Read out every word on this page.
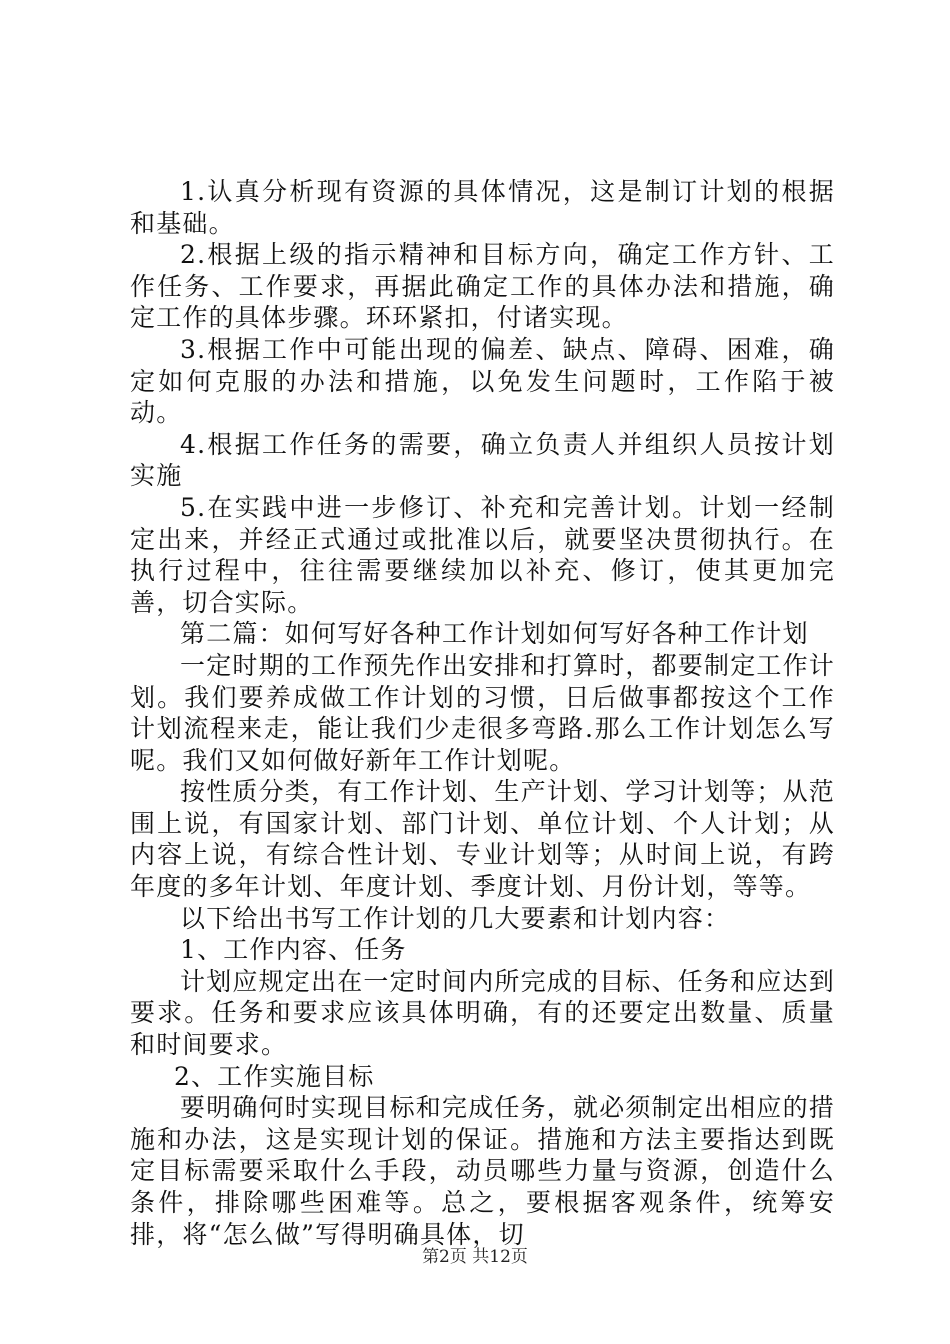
1.认真分析现有资源的具体情况，这是制订计划的根据和基础。

2.根据上级的指示精神和目标方向，确定工作方针、工作任务、工作要求，再据此确定工作的具体办法和措施，确定工作的具体步骤。环环紧扣，付诸实现。

3.根据工作中可能出现的偏差、缺点、障碍、困难，确定如何克服的办法和措施，以免发生问题时，工作陷于被动。

4.根据工作任务的需要，确立负责人并组织人员按计划实施

5.在实践中进一步修订、补充和完善计划。计划一经制定出来，并经正式通过或批准以后，就要坚决贯彻执行。在执行过程中，往往需要继续加以补充、修订，使其更加完善，切合实际。

第二篇：如何写好各种工作计划如何写好各种工作计划

一定时期的工作预先作出安排和打算时，都要制定工作计划。我们要养成做工作计划的习惯，日后做事都按这个工作计划流程来走，能让我们少走很多弯路.那么工作计划怎么写呢。我们又如何做好新年工作计划呢。

按性质分类，有工作计划、生产计划、学习计划等；从范围上说，有国家计划、部门计划、单位计划、个人计划；从内容上说，有综合性计划、专业计划等；从时间上说，有跨年度的多年计划、年度计划、季度计划、月份计划，等等。

以下给出书写工作计划的几大要素和计划内容：

1、工作内容、任务

计划应规定出在一定时间内所完成的目标、任务和应达到要求。任务和要求应该具体明确，有的还要定出数量、质量和时间要求。

2、工作实施目标

要明确何时实现目标和完成任务，就必须制定出相应的措施和办法，这是实现计划的保证。措施和方法主要指达到既定目标需要采取什么手段，动员哪些力量与资源，创造什么条件，排除哪些困难等。总之，要根据客观条件，统筹安排，将“怎么做”写得明确具体，切

第2页 共12页
